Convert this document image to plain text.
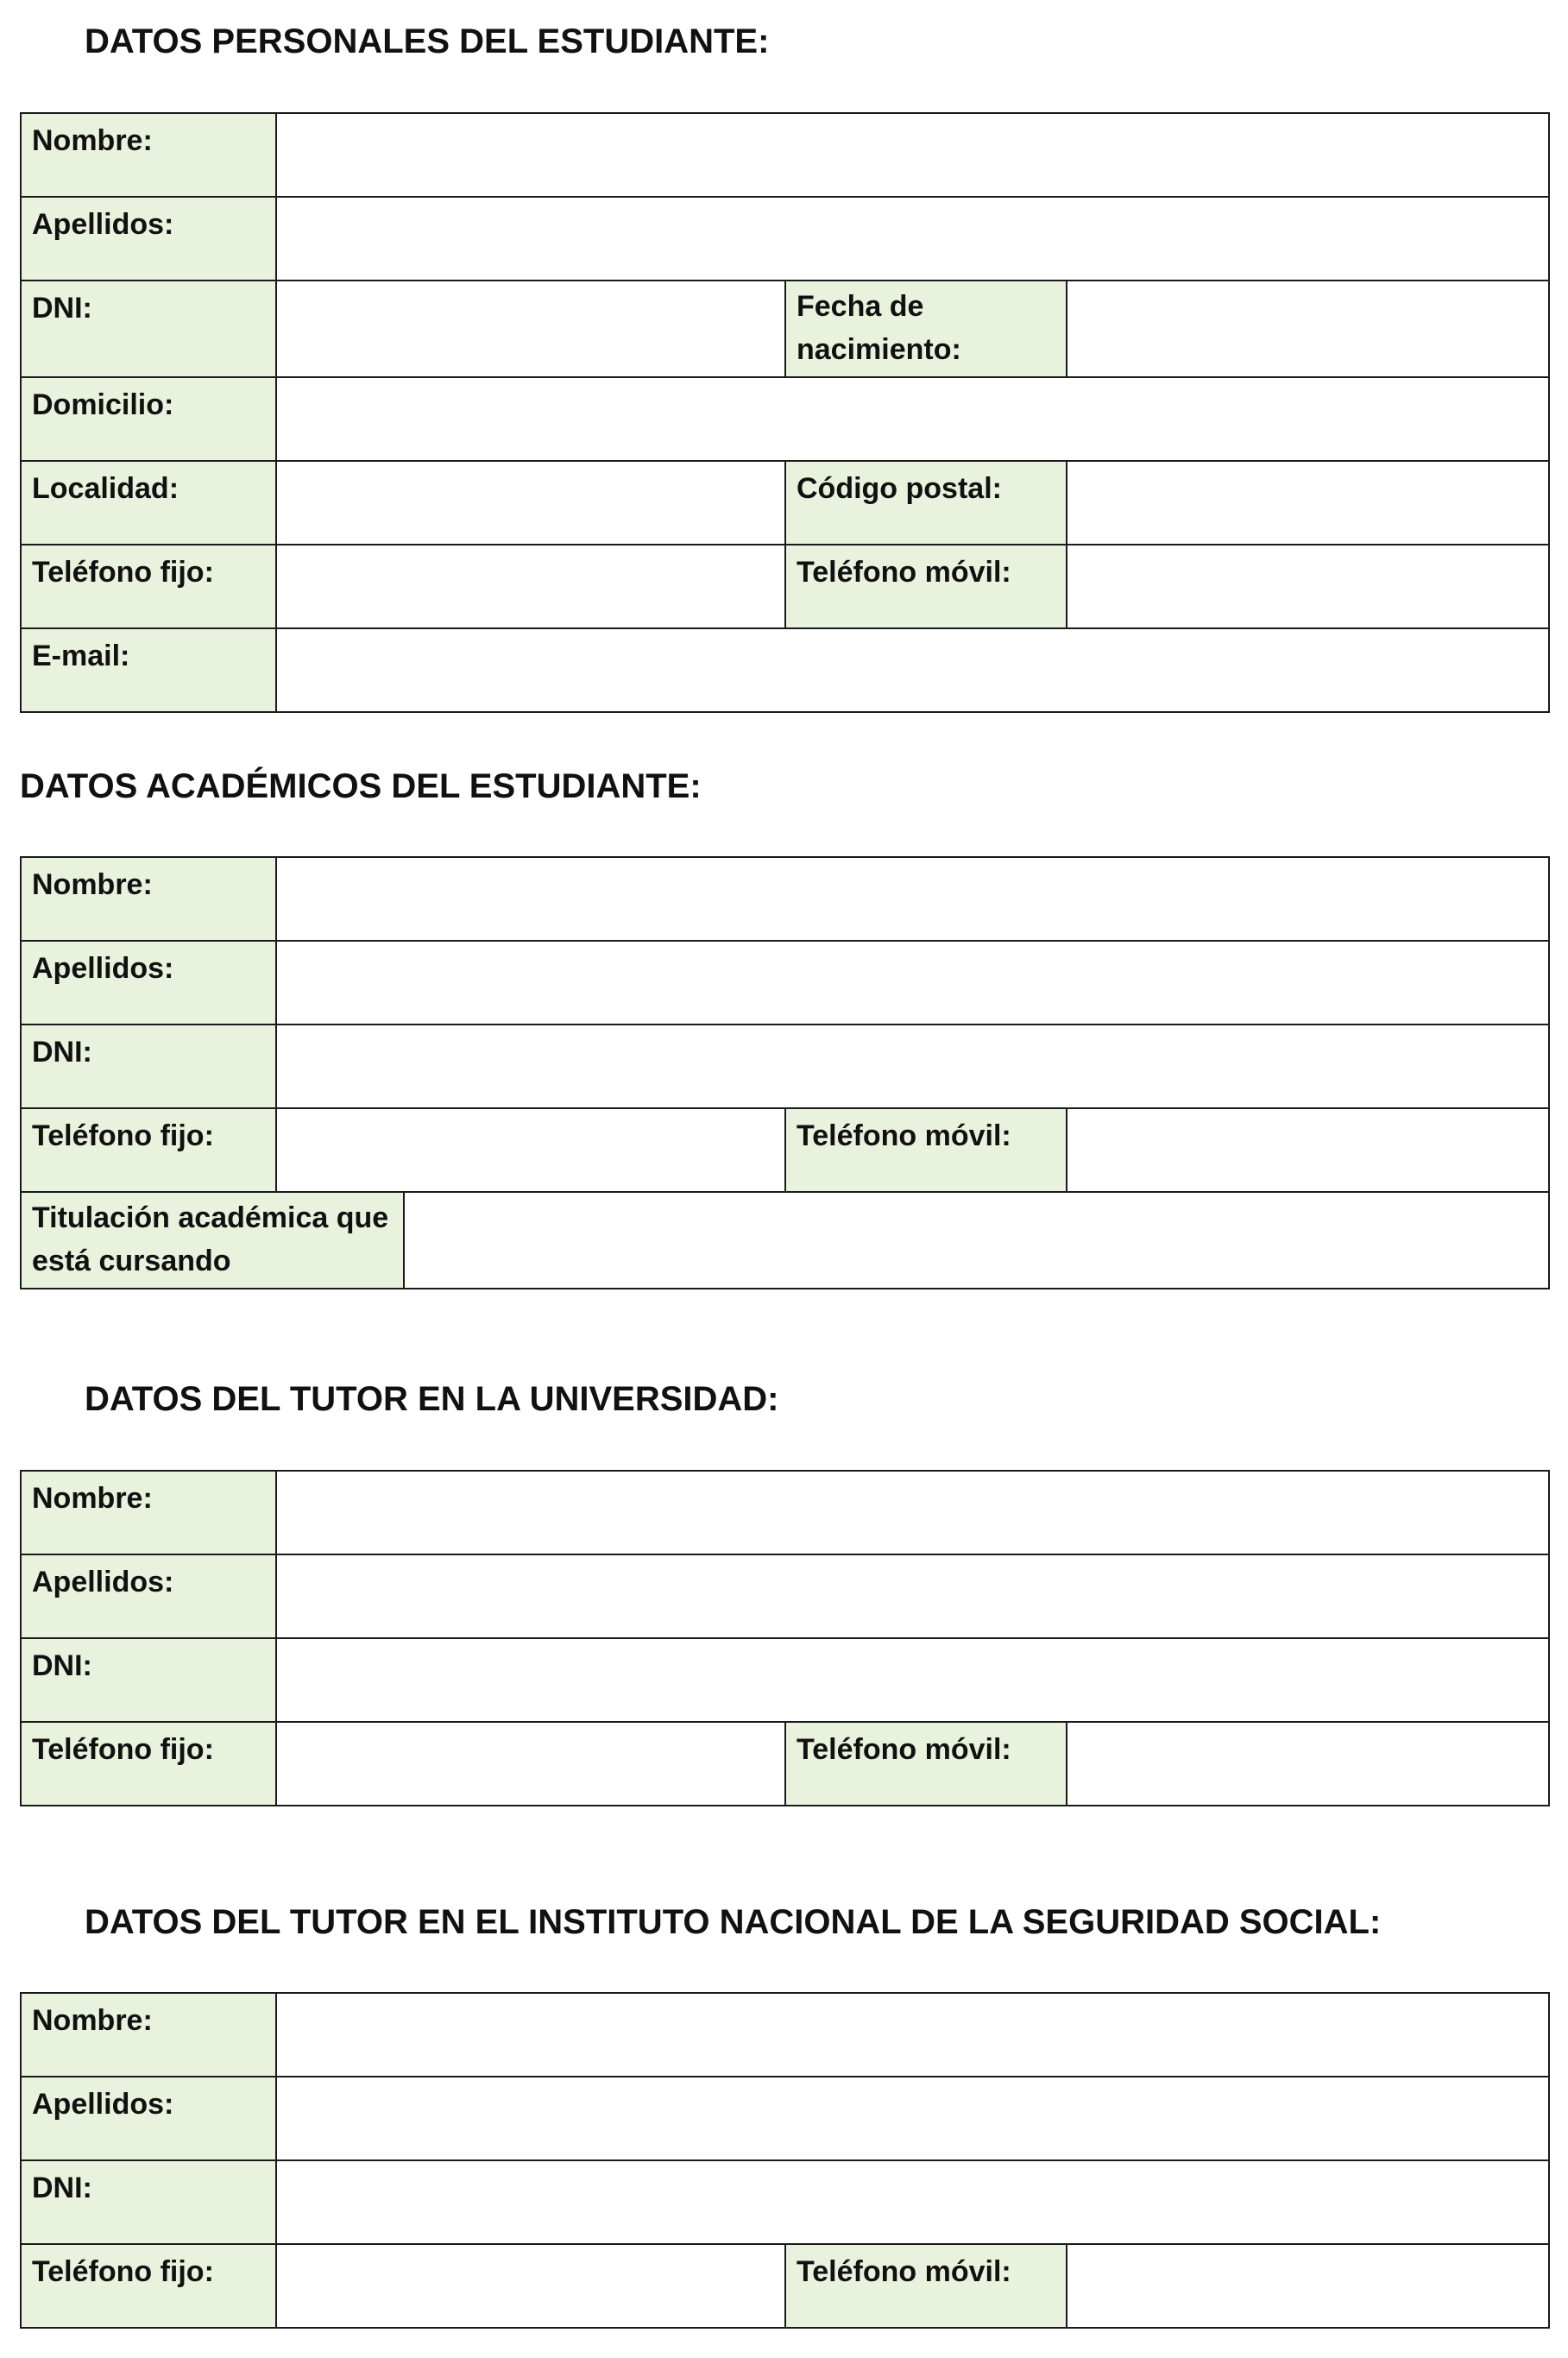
DATOS PERSONALES DEL ESTUDIANTE:
Nombre:			
Apellidos:			
DNI:		Fecha de nacimiento:	
Domicilio:			
Localidad:		Código postal:	
Teléfono fijo:		Teléfono móvil:	
E-mail:			
DATOS ACADÉMICOS DEL ESTUDIANTE:
Nombre:				
Apellidos:				
DNI:				
Teléfono fijo:			Teléfono móvil:	
Titulación académica que está cursando				
DATOS DEL TUTOR EN LA UNIVERSIDAD:
Nombre:			
Apellidos:			
DNI:			
Teléfono fijo:		Teléfono móvil:	
DATOS DEL TUTOR EN EL INSTITUTO NACIONAL DE LA SEGURIDAD SOCIAL:
Nombre:			
Apellidos:			
DNI:			
Teléfono fijo:		Teléfono móvil:	
